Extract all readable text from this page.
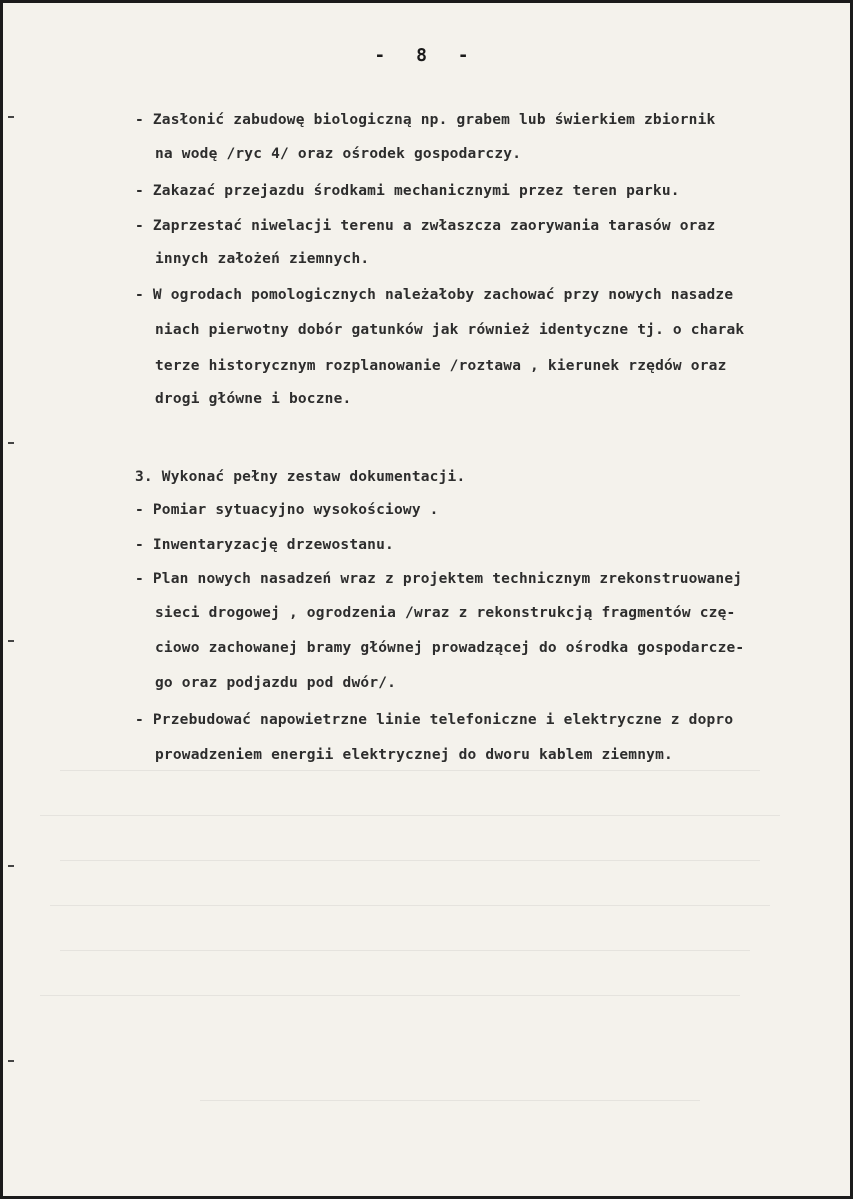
- 8 -
- Zasłonić zabudowę biologiczną np. grabem lub świerkiem zbiornik
na wodę /ryc 4/ oraz ośrodek gospodarczy.
- Zakazać przejazdu środkami mechanicznymi przez teren parku.
- Zaprzestać niwelacji terenu a zwłaszcza zaorywania tarasów oraz
innych założeń ziemnych.
- W ogrodach pomologicznych należałoby zachować przy nowych nasadze
niach pierwotny dobór gatunków jak również identyczne tj. o charak
terze historycznym rozplanowanie /roztawa , kierunek rzędów oraz
drogi główne i boczne.
3. Wykonać pełny zestaw dokumentacji.
- Pomiar sytuacyjno wysokościowy .
- Inwentaryzację drzewostanu.
- Plan nowych nasadzeń wraz z projektem technicznym zrekonstruowanej
sieci drogowej , ogrodzenia /wraz z rekonstrukcją fragmentów czę-
ciowo zachowanej bramy głównej prowadzącej do ośrodka gospodarcze-
go oraz podjazdu pod dwór/.
- Przebudować napowietrzne linie telefoniczne i elektryczne z dopro
prowadzeniem energii elektrycznej do dworu kablem ziemnym.
